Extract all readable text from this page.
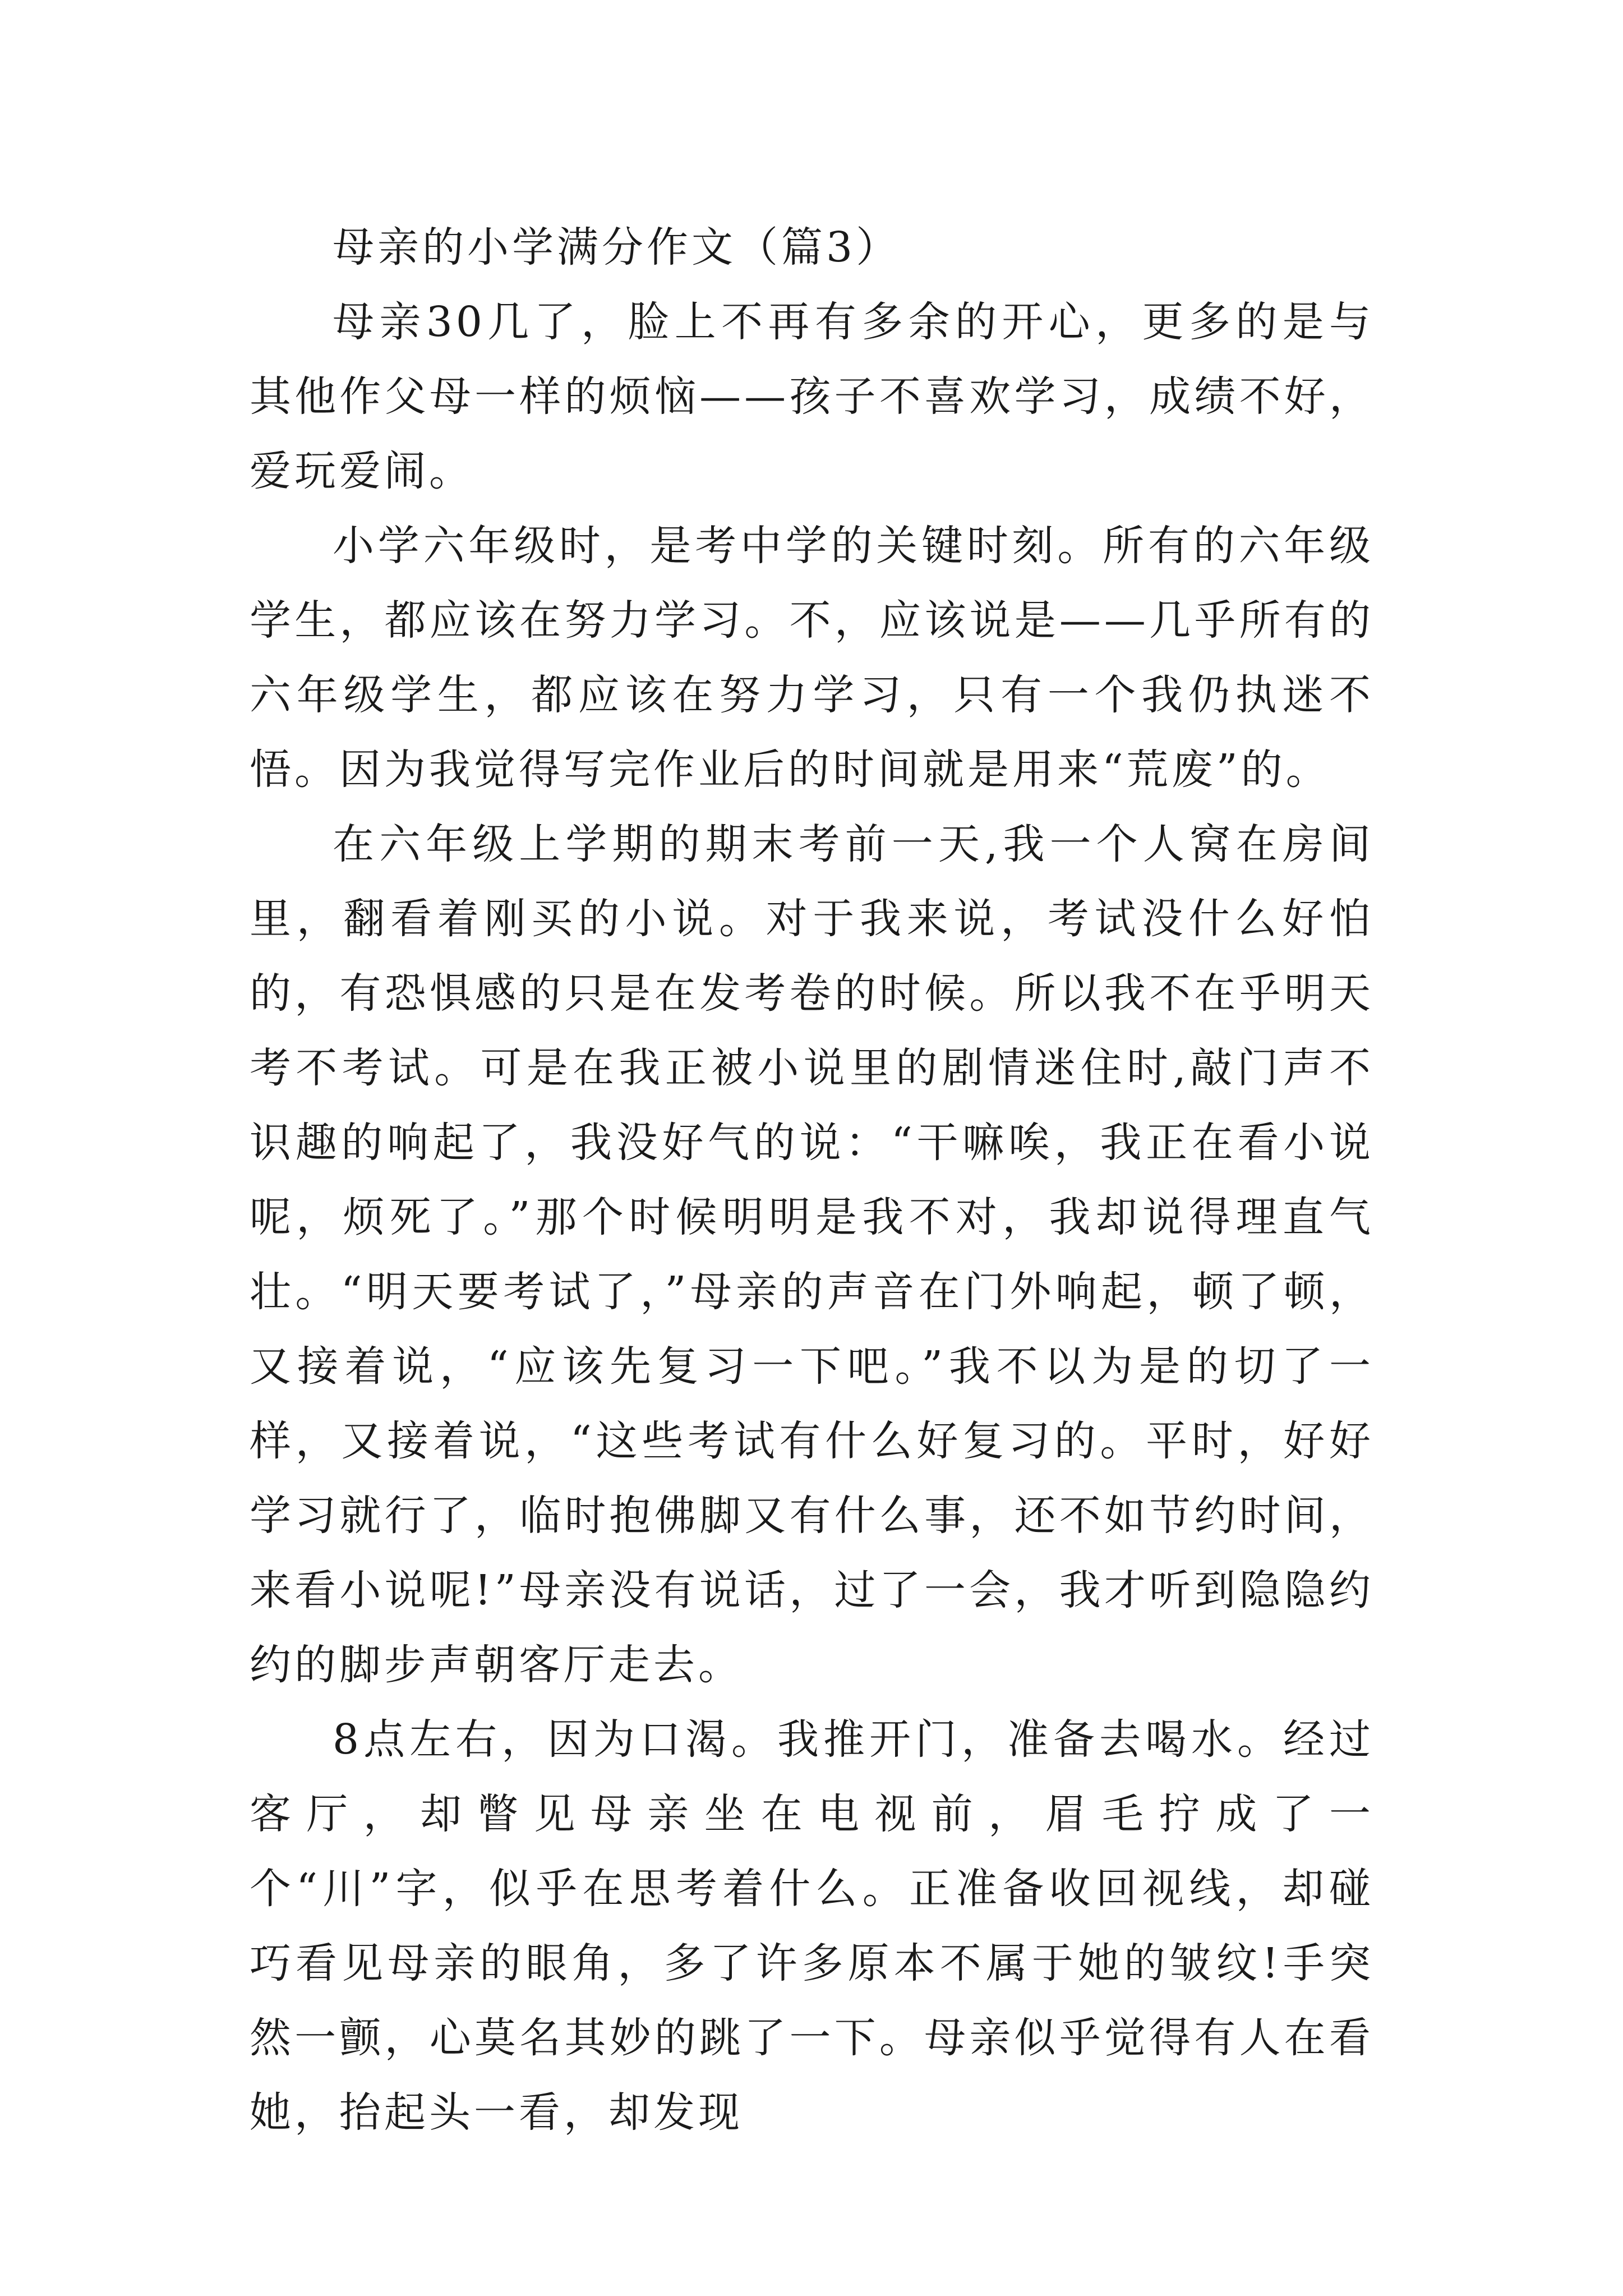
母亲的小学满分作文（篇3）

母亲30几了，脸上不再有多余的开心，更多的是与其他作父母一样的烦恼——孩子不喜欢学习，成绩不好，爱玩爱闹。

小学六年级时，是考中学的关键时刻。所有的六年级学生，都应该在努力学习。不，应该说是——几乎所有的六年级学生，都应该在努力学习，只有一个我仍执迷不悟。因为我觉得写完作业后的时间就是用来“荒废”的。

在六年级上学期的期末考前一天,我一个人窝在房间里，翻看着刚买的小说。对于我来说，考试没什么好怕的，有恐惧感的只是在发考卷的时候。所以我不在乎明天考不考试。可是在我正被小说里的剧情迷住时,敲门声不识趣的响起了，我没好气的说：“干嘛唉，我正在看小说呢，烦死了。”那个时候明明是我不对，我却说得理直气壮。“明天要考试了，”母亲的声音在门外响起，顿了顿，又接着说，“应该先复习一下吧。”我不以为是的切了一样，又接着说，“这些考试有什么好复习的。平时，好好学习就行了，临时抱佛脚又有什么事，还不如节约时间，来看小说呢!”母亲没有说话，过了一会，我才听到隐隐约约的脚步声朝客厅走去。

8点左右，因为口渴。我推开门，准备去喝水。经过客厅，却瞥见母亲坐在电视前，眉毛拧成了一个“川”字，似乎在思考着什么。正准备收回视线，却碰巧看见母亲的眼角，多了许多原本不属于她的皱纹!手突然一颤，心莫名其妙的跳了一下。母亲似乎觉得有人在看她，抬起头一看，却发现
